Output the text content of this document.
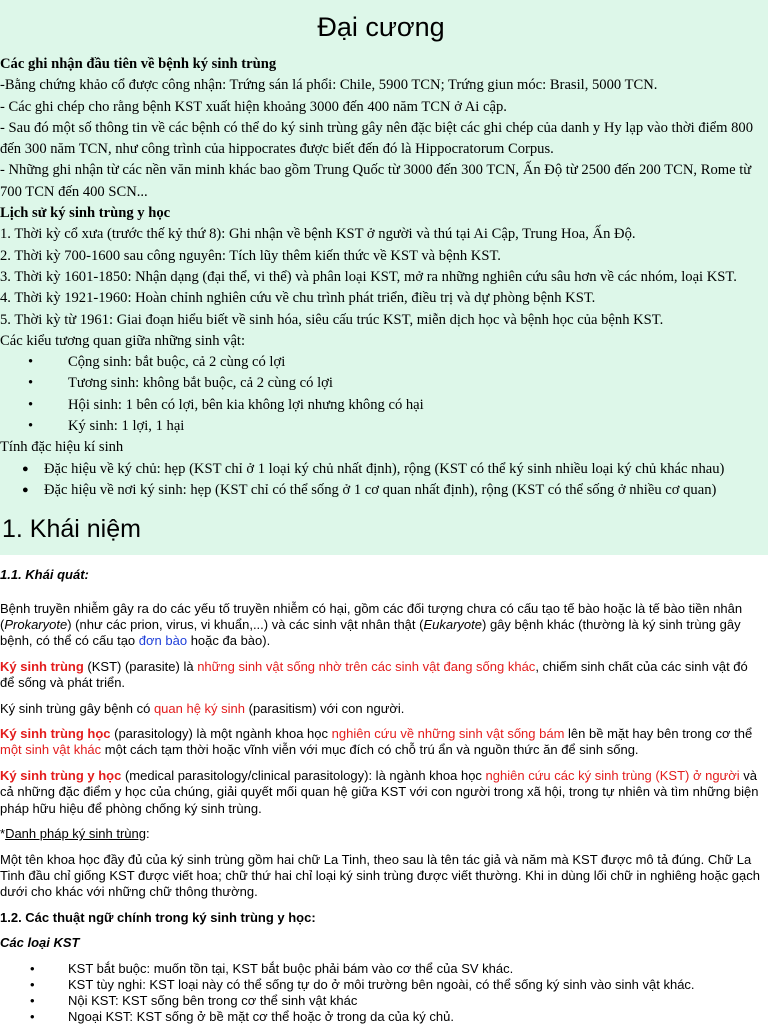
Đại cương

Các ghi nhận đầu tiên về bệnh ký sinh trùng

-Bằng chứng khảo cổ được công nhận: Trứng sán lá phổi: Chile, 5900 TCN; Trứng giun móc: Brasil, 5000 TCN.

- Các ghi chép cho rằng bệnh KST xuất hiện khoảng 3000 đến 400 năm TCN ở Ai cập.

- Sau đó một số thông tin về các bệnh có thể do ký sinh trùng gây nên đặc biệt các ghi chép của danh y Hy lạp vào thời điểm 800 đến 300 năm TCN, như công trình của hippocrates được biết đến đó là Hippocratorum Corpus.

- Những ghi nhận từ các nền văn minh khác bao gồm Trung Quốc từ 3000 đến 300 TCN, Ấn Độ từ 2500 đến 200 TCN, Rome từ 700 TCN đến 400 SCN...

Lịch sử ký sinh trùng y học

1. Thời kỳ cổ xưa (trước thế kỷ thứ 8): Ghi nhận về bệnh KST ở người và thú tại Ai Cập, Trung Hoa, Ấn Độ.

2. Thời kỳ 700-1600 sau công nguyên: Tích lũy thêm kiến thức về KST và bệnh KST.

3. Thời kỳ 1601-1850: Nhận dạng (đại thể, vi thể) và phân loại KST, mở ra những nghiên cứu sâu hơn về các nhóm, loại KST.

4. Thời kỳ 1921-1960: Hoàn chỉnh nghiên cứu về chu trình phát triển, điều trị và dự phòng bệnh KST.

5. Thời kỳ từ 1961: Giai đoạn hiểu biết về sinh hóa, siêu cấu trúc KST, miễn dịch học và bệnh học của bệnh KST.

Các kiểu tương quan giữa những sinh vật:

• Cộng sinh: bắt buộc, cả 2 cùng có lợi
• Tương sinh: không bắt buộc, cả 2 cùng có lợi
• Hội sinh: 1 bên có lợi, bên kia không lợi nhưng không có hại
• Ký sinh: 1 lợi, 1 hại

Tính đặc hiệu kí sinh

● Đặc hiệu về ký chủ: hẹp (KST chỉ ở 1 loại ký chủ nhất định), rộng (KST có thể ký sinh nhiều loại ký chủ khác nhau)
● Đặc hiệu về nơi ký sinh: hẹp (KST chỉ có thể sống ở 1 cơ quan nhất định), rộng (KST có thể sống ở nhiều cơ quan)
1. Khái niệm

1.1. Khái quát:

Bệnh truyền nhiễm gây ra do các yếu tố truyền nhiễm có hại, gồm các đối tượng chưa có cấu tạo tế bào hoặc là tế bào tiền nhân (Prokaryote) (như các prion, virus, vi khuẩn,...) và các sinh vật nhân thật (Eukaryote) gây bệnh khác (thường là ký sinh trùng gây bệnh, có thể có cấu tạo đơn bào hoặc đa bào).

Ký sinh trùng (KST) (parasite) là những sinh vật sống nhờ trên các sinh vật đang sống khác, chiếm sinh chất của các sinh vật đó để sống và phát triển.

Ký sinh trùng gây bệnh có quan hệ ký sinh (parasitism) với con người.

Ký sinh trùng học (parasitology) là một ngành khoa học nghiên cứu về những sinh vật sống bám lên bề mặt hay bên trong cơ thể một sinh vật khác một cách tạm thời hoặc vĩnh viễn với mục đích có chỗ trú ẩn và nguồn thức ăn để sinh sống.

Ký sinh trùng y học (medical parasitology/clinical parasitology): là ngành khoa học nghiên cứu các ký sinh trùng (KST) ở người và cả những đặc điểm y học của chúng, giải quyết mối quan hệ giữa KST với con người trong xã hội, trong tự nhiên và tìm những biện pháp hữu hiệu để phòng chống ký sinh trùng.

*Danh pháp ký sinh trùng:

Một tên khoa học đầy đủ của ký sinh trùng gồm hai chữ La Tinh, theo sau là tên tác giả và năm mà KST được mô tả đúng. Chữ La Tinh đầu chỉ giống KST được viết hoa; chữ thứ hai chỉ loại ký sinh trùng được viết thường. Khi in dùng lối chữ in nghiêng hoặc gạch dưới cho khác với những chữ thông thường.

1.2. Các thuật ngữ chính trong ký sinh trùng y học:

Các loại KST

• KST bắt buộc: muốn tồn tại, KST bắt buộc phải bám vào cơ thể của SV khác.
• KST tùy nghi: KST loại này có thể sống tự do ở môi trường bên ngoài, có thể sống ký sinh vào sinh vật khác.
• Nội KST: KST sống bên trong cơ thể sinh vật khác
• Ngoại KST: KST sống ở bề mặt cơ thể hoặc ở trong da của ký chủ.
